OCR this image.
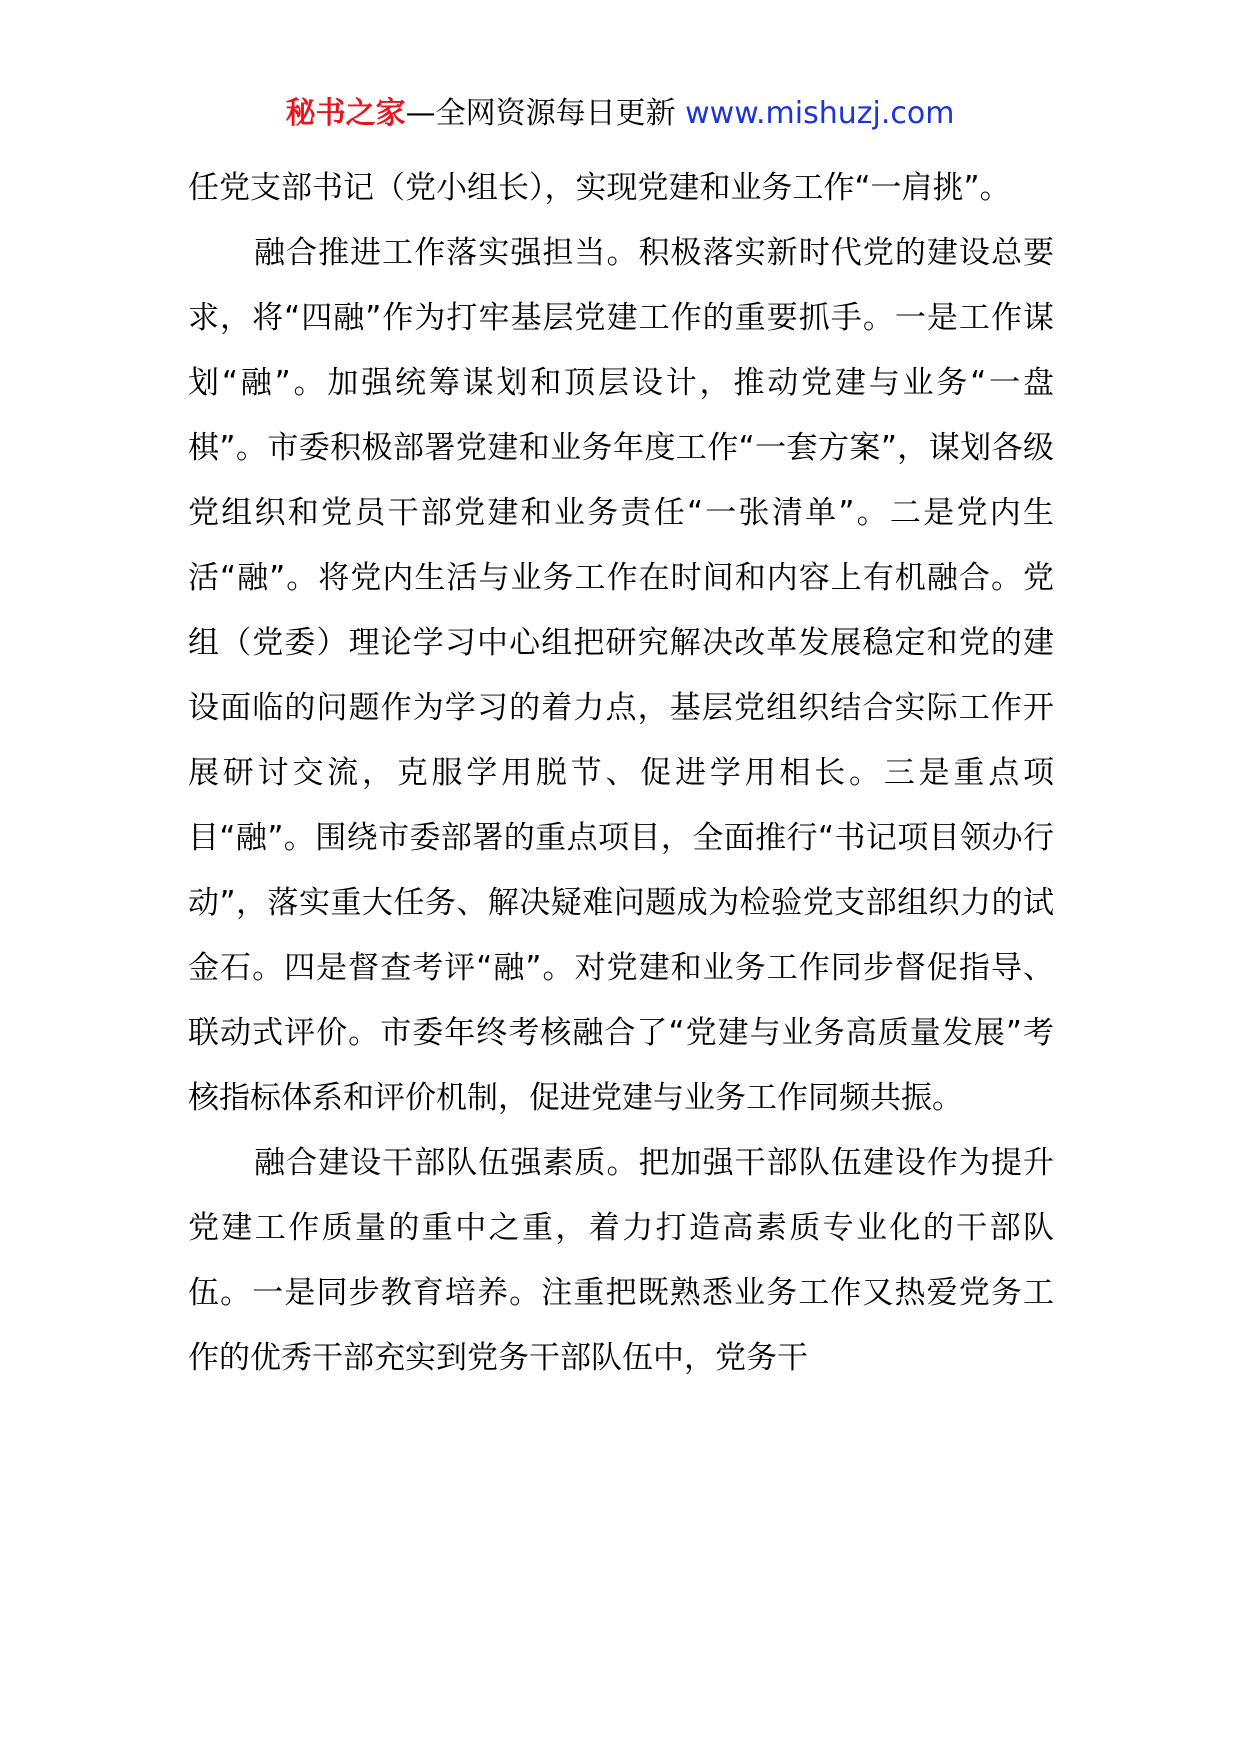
秘书之家—全网资源每日更新 www.mishuzj.com

任党支部书记（党小组长），实现党建和业务工作“一肩挑”。

融合推进工作落实强担当。积极落实新时代党的建设总要求，将“四融”作为打牢基层党建工作的重要抓手。一是工作谋划“融”。加强统筹谋划和顶层设计，推动党建与业务“一盘棋”。市委积极部署党建和业务年度工作“一套方案”，谋划各级党组织和党员干部党建和业务责任“一张清单”。二是党内生活“融”。将党内生活与业务工作在时间和内容上有机融合。党组（党委）理论学习中心组把研究解决改革发展稳定和党的建设面临的问题作为学习的着力点，基层党组织结合实际工作开展研讨交流，克服学用脱节、促进学用相长。三是重点项目“融”。围绕市委部署的重点项目，全面推行“书记项目领办行动”，落实重大任务、解决疑难问题成为检验党支部组织力的试金石。四是督查考评“融”。对党建和业务工作同步督促指导、联动式评价。市委年终考核融合了“党建与业务高质量发展”考核指标体系和评价机制，促进党建与业务工作同频共振。

融合建设干部队伍强素质。把加强干部队伍建设作为提升党建工作质量的重中之重，着力打造高素质专业化的干部队伍。一是同步教育培养。注重把既熟悉业务工作又热爱党务工作的优秀干部充实到党务干部队伍中，党务干
